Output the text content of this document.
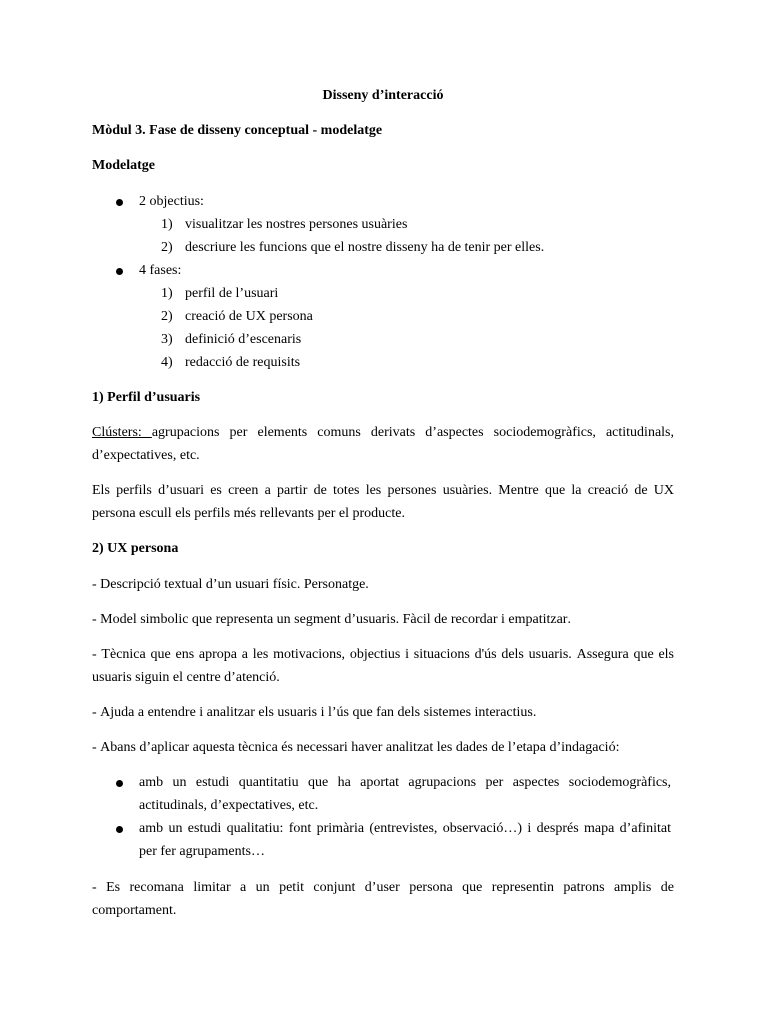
Disseny d’interacció

Mòdul 3. Fase de disseny conceptual - modelatge

Modelatge

2 objectius:
1) visualitzar les nostres persones usuàries
2) descriure les funcions que el nostre disseny ha de tenir per elles.
4 fases:
1) perfil de l’usuari
2) creació de UX persona
3) definició d’escenaris
4) redacció de requisits

1) Perfil d’usuaris

Clústers: agrupacions per elements comuns derivats d’aspectes sociodemogràfics, actitudinals, d’expectatives, etc.

Els perfils d’usuari es creen a partir de totes les persones usuàries. Mentre que la creació de UX persona escull els perfils més rellevants per el producte.

2) UX persona

- Descripció textual d’un usuari físic. Personatge.

- Model simbolic que representa un segment d’usuaris. Fàcil de recordar i empatitzar.

- Tècnica que ens apropa a les motivacions, objectius i situacions d'ús dels usuaris. Assegura que els usuaris siguin el centre d’atenció.

- Ajuda a entendre i analitzar els usuaris i l’ús que fan dels sistemes interactius.

- Abans d’aplicar aquesta tècnica és necessari haver analitzat les dades de l’etapa d’indagació:

amb un estudi quantitatiu que ha aportat agrupacions per aspectes sociodemogràfics, actitudinals, d’expectatives, etc.
amb un estudi qualitatiu: font primària (entrevistes, observació…) i després mapa d’afinitat per fer agrupaments…

- Es recomana limitar a un petit conjunt d’user persona que representin patrons amplis de comportament.
